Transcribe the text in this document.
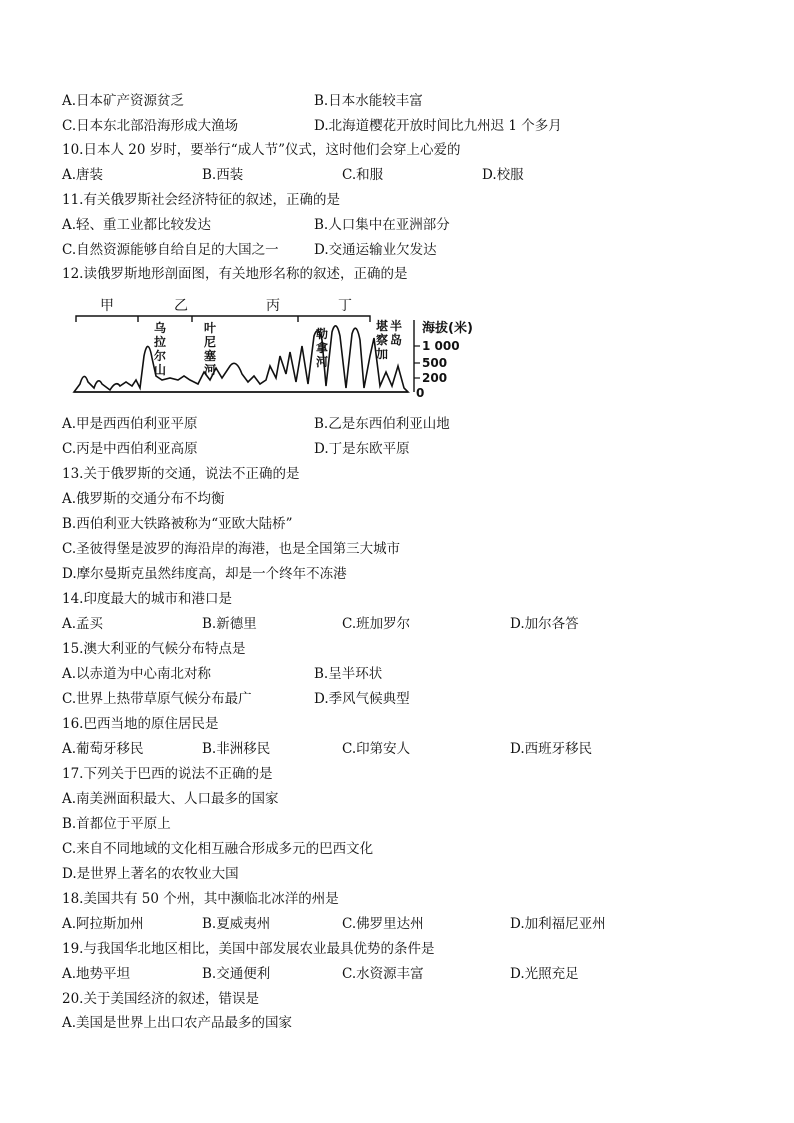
A.日本矿产资源贫乏	B.日本水能较丰富
C.日本东北部沿海形成大渔场	D.北海道樱花开放时间比九州迟 1 个多月
10.日本人 20 岁时，要举行“成人节”仪式，这时他们会穿上心爱的
A.唐装	B.西装	C.和服	D.校服
11.有关俄罗斯社会经济特征的叙述，正确的是
A.轻、重工业都比较发达	B.人口集中在亚洲部分
C.自然资源能够自给自足的大国之一	D.交通运输业欠发达
12.读俄罗斯地形剖面图，有关地形名称的叙述，正确的是
甲	乙	丙	丁
海拔(米)
1 000
500
200
0
乌
拉
尔
山
叶
尼
塞
河
勒
拿
河
堪
察
加
半
岛
A.甲是西西伯利亚平原	B.乙是东西伯利亚山地
C.丙是中西伯利亚高原	D.丁是东欧平原
13.关于俄罗斯的交通，说法不正确的是
A.俄罗斯的交通分布不均衡
B.西伯利亚大铁路被称为“亚欧大陆桥”
C.圣彼得堡是波罗的海沿岸的海港，也是全国第三大城市
D.摩尔曼斯克虽然纬度高，却是一个终年不冻港
14.印度最大的城市和港口是
A.孟买	B.新德里	C.班加罗尔	D.加尔各答
15.澳大利亚的气候分布特点是
A.以赤道为中心南北对称	B.呈半环状
C.世界上热带草原气候分布最广	D.季风气候典型
16.巴西当地的原住居民是
A.葡萄牙移民	B.非洲移民	C.印第安人	D.西班牙移民
17.下列关于巴西的说法不正确的是
A.南美洲面积最大、人口最多的国家
B.首都位于平原上
C.来自不同地域的文化相互融合形成多元的巴西文化
D.是世界上著名的农牧业大国
18.美国共有 50 个州，其中濒临北冰洋的州是
A.阿拉斯加州	B.夏威夷州	C.佛罗里达州	D.加利福尼亚州
19.与我国华北地区相比，美国中部发展农业最具优势的条件是
A.地势平坦	B.交通便利	C.水资源丰富	D.光照充足
20.关于美国经济的叙述，错误是
A.美国是世界上出口农产品最多的国家
